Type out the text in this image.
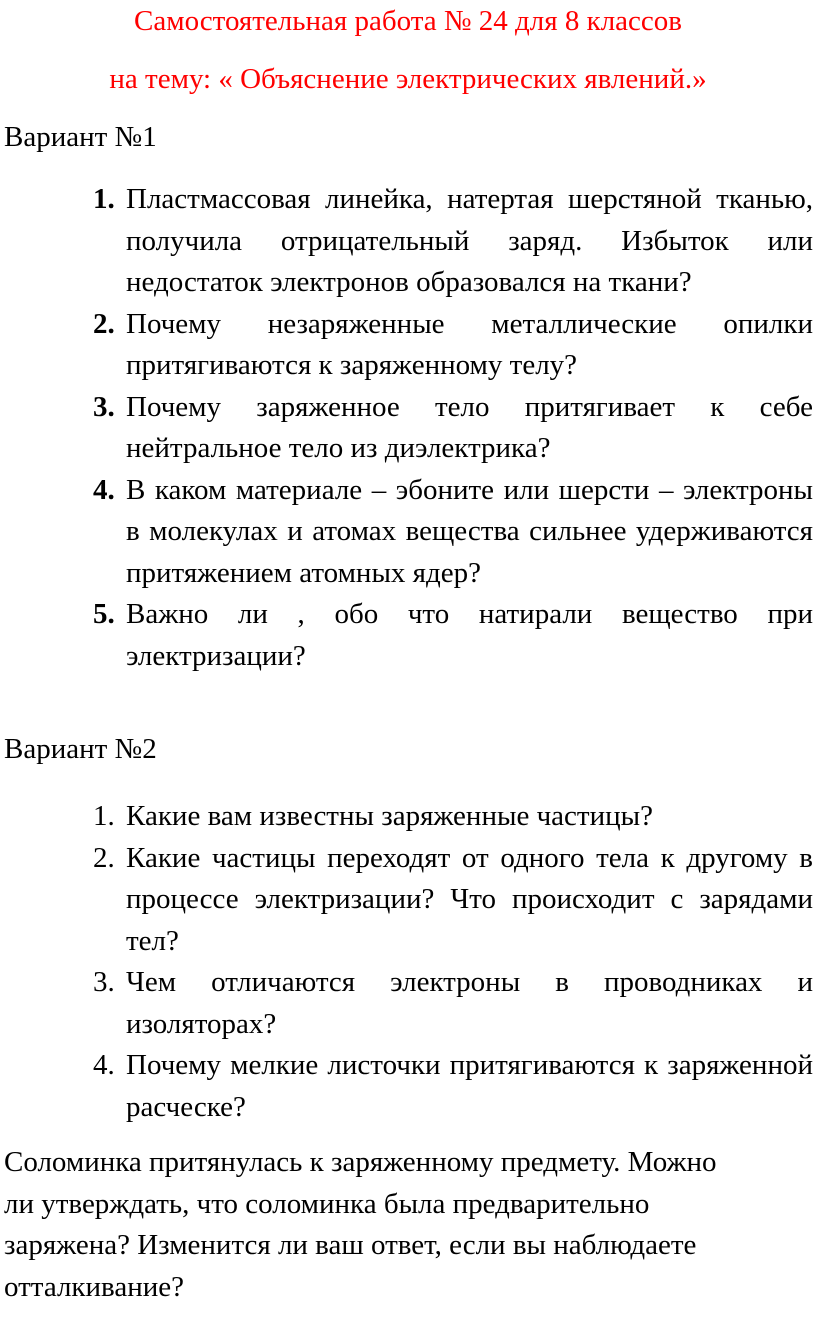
Самостоятельная работа № 24 для 8 классов

на тему: « Объяснение электрических явлений.»

Вариант №1

1. Пластмассовая линейка, натертая шерстяной тканью, получила отрицательный заряд. Избыток или недостаток электронов образовался на ткани?
2. Почему незаряженные металлические опилки притягиваются к заряженному телу?
3. Почему заряженное тело притягивает к себе нейтральное тело из диэлектрика?
4. В каком материале – эбоните или шерсти – электроны в молекулах и атомах вещества сильнее удерживаются притяжением атомных ядер?
5. Важно ли , обо что натирали вещество при электризации?

Вариант №2

1. Какие вам известны заряженные частицы?
2. Какие частицы переходят от одного тела к другому в процессе электризации? Что происходит с зарядами тел?
3. Чем отличаются электроны в проводниках и изоляторах?
4. Почему мелкие листочки притягиваются к заряженной расческе?
Соломинка притянулась к заряженному предмету. Можно
ли утверждать, что соломинка была предварительно
заряжена? Изменится ли ваш ответ, если вы наблюдаете
отталкивание?
